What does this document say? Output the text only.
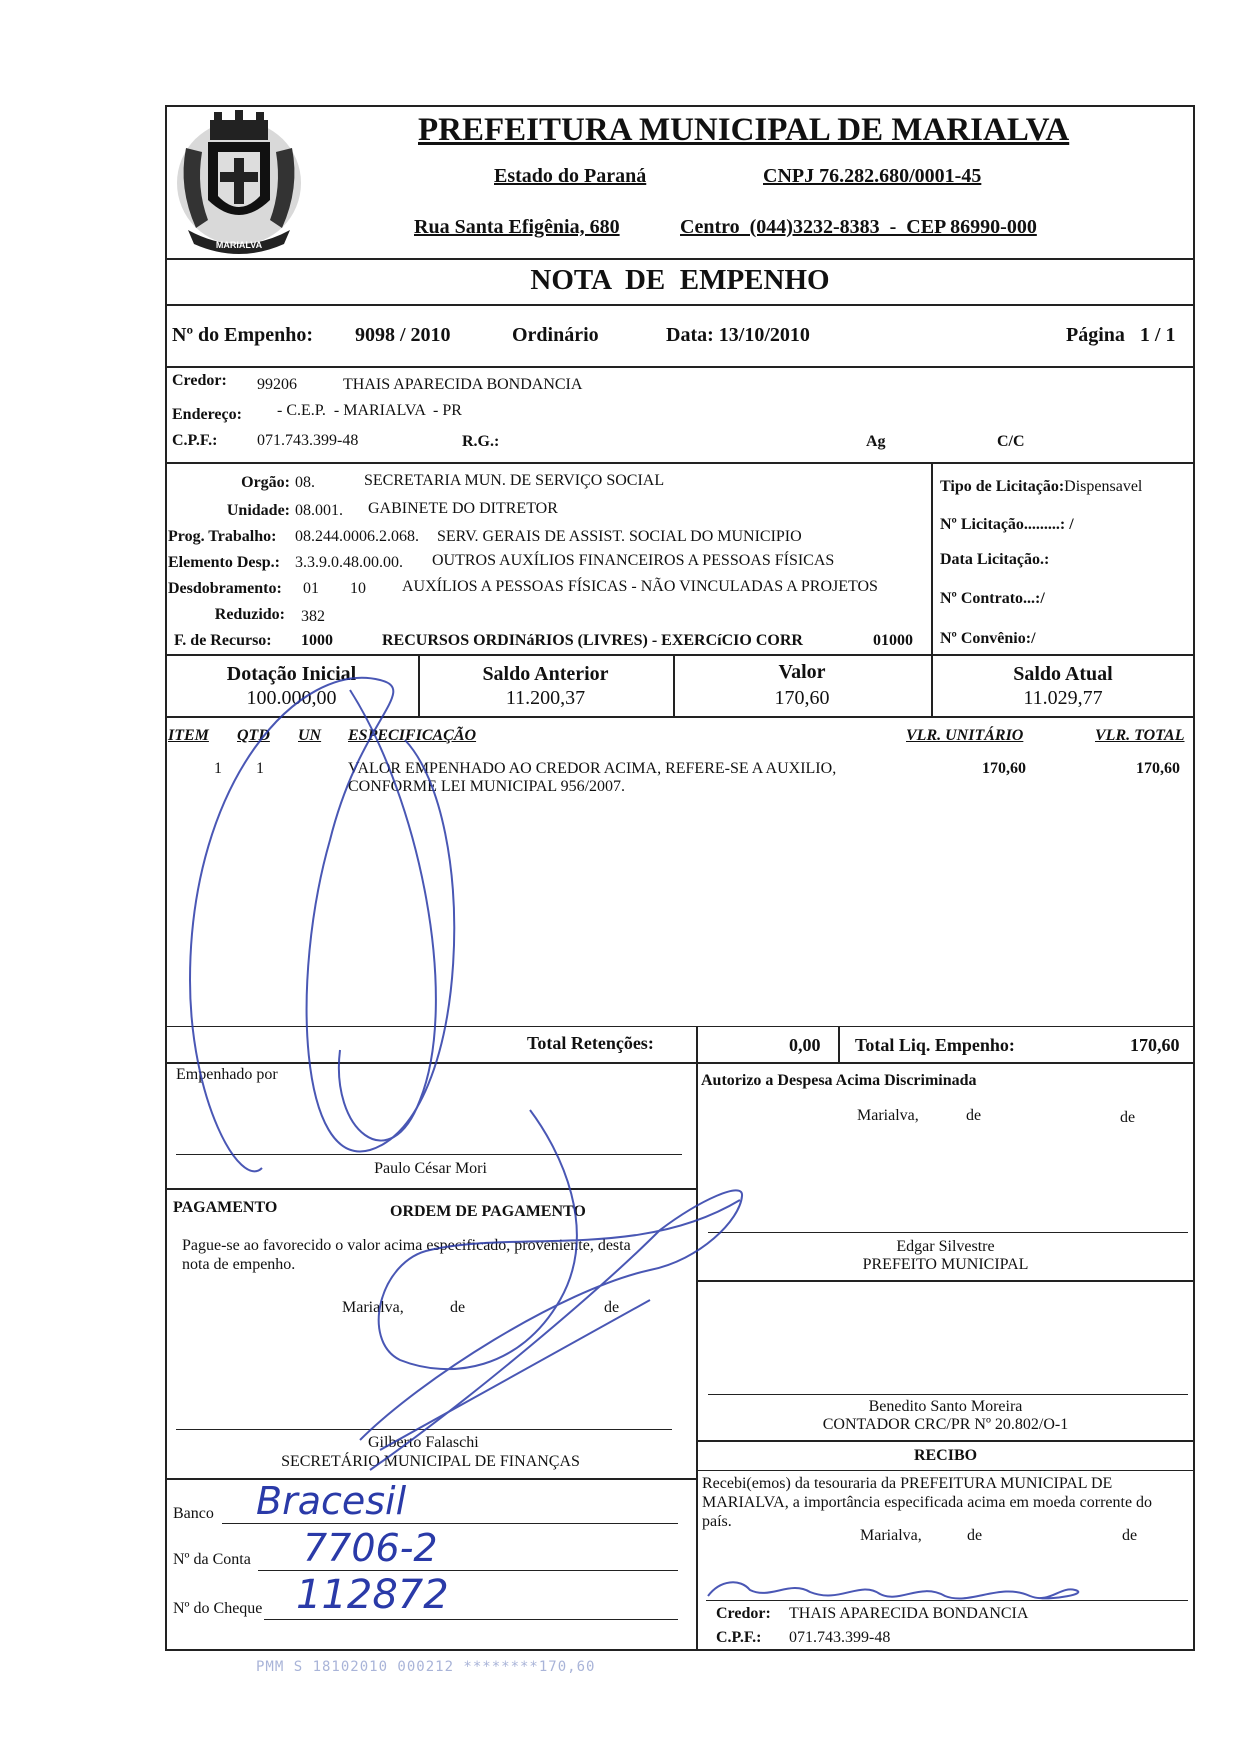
MARIALVA
PREFEITURA MUNICIPAL DE MARIALVA
Estado do Paraná	CNPJ 76.282.680/0001-45
Rua Santa Efigênia, 680	Centro  (044)3232-8383  -  CEP 86990-000
NOTA  DE  EMPENHO
Nº do Empenho: 9098 / 2010	Ordinário	Data: 13/10/2010	Página   1 / 1
Credor: 99206	THAIS APARECIDA BONDANCIA
Endereço: - C.E.P.  - MARIALVA  - PR
C.P.F.: 071.743.399-48	R.G.:	Ag	C/C
Orgão: 08.	SECRETARIA MUN. DE SERVIÇO SOCIAL
Unidade: 08.001. GABINETE DO DITRETOR
Prog. Trabalho: 08.244.0006.2.068. SERV. GERAIS DE ASSIST. SOCIAL DO MUNICIPIO
Elemento Desp.: 3.3.9.0.48.00.00. OUTROS AUXÍLIOS FINANCEIROS A PESSOAS FÍSICAS
Desdobramento: 01 10 AUXÍLIOS A PESSOAS FÍSICAS - NÃO VINCULADAS A PROJETOS
Reduzido: 382
F. de Recurso: 1000	RECURSOS ORDINáRIOS (LIVRES) - EXERCíCIO CORR	01000
Tipo de Licitação:Dispensavel
Nº Licitação.........: /
Data Licitação.:
Nº Contrato...:/
Nº Convênio:/
Dotação Inicial
100.000,00
Saldo Anterior
11.200,37
Valor
170,60
Saldo Atual
11.029,77
ITEM QTD UN ESPECIFICAÇÃO	VLR. UNITÁRIO	VLR. TOTAL
1 1	VALOR EMPENHADO AO CREDOR ACIMA, REFERE-SE A AUXILIO,
CONFORME LEI MUNICIPAL 956/2007.
170,60	170,60
Total Retenções:	0,00 Total Liq. Empenho:	170,60
Empenhado por
Paulo César Mori
PAGAMENTO	ORDEM DE PAGAMENTO
Pague-se ao favorecido o valor acima especificado, proveniente, desta
nota de empenho.
Marialva,	de	de
Gilberto Falaschi
SECRETÁRIO MUNICIPAL DE FINANÇAS
Banco Bracesil
Nº da Conta 7706-2
Nº do Cheque 112872
Autorizo a Despesa Acima Discriminada
Marialva,	de	de
Edgar Silvestre
PREFEITO MUNICIPAL
Benedito Santo Moreira
CONTADOR CRC/PR Nº 20.802/O-1
RECIBO
Recebi(emos) da tesouraria da PREFEITURA MUNICIPAL DE
MARIALVA, a importância especificada acima em moeda corrente do
país.
Marialva,	de	de
Credor: THAIS APARECIDA BONDANCIA
C.P.F.: 071.743.399-48
PMM S 18102010 000212 ********170,60
